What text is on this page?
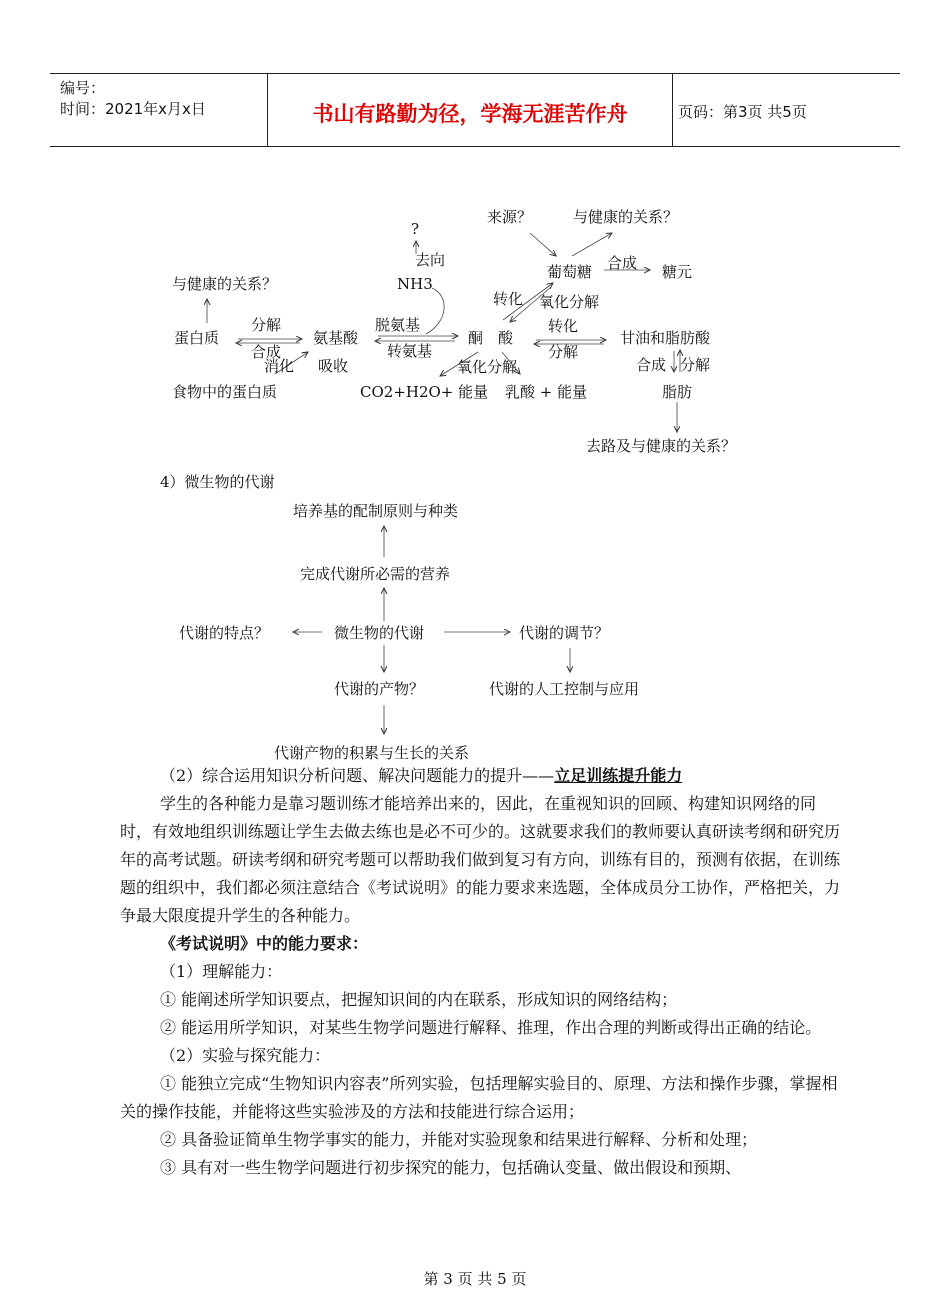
编号：
时间：2021年x月x日	书山有路勤为径，学海无涯苦作舟	页码：第3页 共5页
?
去向
NH3
来源？	与健康的关系？
葡萄糖 合成 糖元
与健康的关系？
转化 氧化分解
蛋白质
分解
合成
氨基酸
脱氨基
转氨基
酮　酸
转化
分解
甘油和脂肪酸
消化 吸收	氧化分解	合成 分解
食物中的蛋白质	CO2+H2O+ 能量 乳酸 + 能量	脂肪
去路及与健康的关系？
4）微生物的代谢
培养基的配制原则与种类
完成代谢所必需的营养
代谢的特点？	微生物的代谢	代谢的调节？
代谢的产物？	代谢的人工控制与应用
代谢产物的积累与生长的关系

（2）综合运用知识分析问题、解决问题能力的提升——立足训练提升能力

学生的各种能力是靠习题训练才能培养出来的，因此，在重视知识的回顾、构建知识网络的同时，有效地组织训练题让学生去做去练也是必不可少的。这就要求我们的教师要认真研读考纲和研究历年的高考试题。研读考纲和研究考题可以帮助我们做到复习有方向，训练有目的，预测有依据，在训练题的组织中，我们都必须注意结合《考试说明》的能力要求来选题，全体成员分工协作，严格把关，力争最大限度提升学生的各种能力。

《考试说明》中的能力要求：

（1）理解能力：

① 能阐述所学知识要点，把握知识间的内在联系，形成知识的网络结构；

② 能运用所学知识，对某些生物学问题进行解释、推理，作出合理的判断或得出正确的结论。

（2）实验与探究能力：

① 能独立完成“生物知识内容表”所列实验，包括理解实验目的、原理、方法和操作步骤，掌握相关的操作技能，并能将这些实验涉及的方法和技能进行综合运用；

② 具备验证简单生物学事实的能力，并能对实验现象和结果进行解释、分析和处理；

③ 具有对一些生物学问题进行初步探究的能力，包括确认变量、做出假设和预期、

第 3 页 共 5 页
